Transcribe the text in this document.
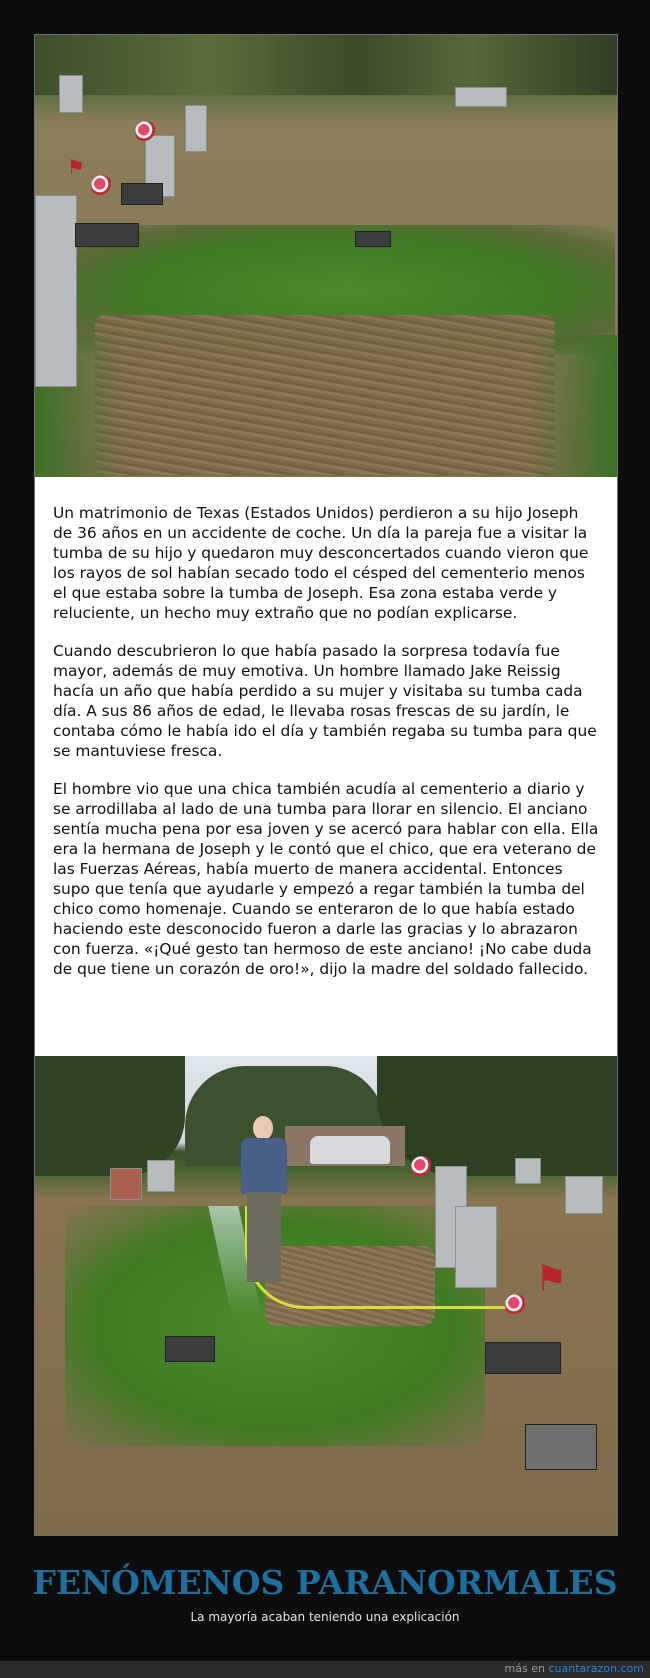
⚑

Un matrimonio de Texas (Estados Unidos) perdieron a su hijo Joseph de 36 años en un accidente de coche. Un día la pareja fue a visitar la tumba de su hijo y quedaron muy desconcertados cuando vieron que los rayos de sol habían secado todo el césped del cementerio menos el que estaba sobre la tumba de Joseph. Esa zona estaba verde y reluciente, un hecho muy extraño que no podían explicarse.

Cuando descubrieron lo que había pasado la sorpresa todavía fue mayor, además de muy emotiva. Un hombre llamado Jake Reissig hacía un año que había perdido a su mujer y visitaba su tumba cada día. A sus 86 años de edad, le llevaba rosas frescas de su jardín, le contaba cómo le había ido el día y también regaba su tumba para que se mantuviese fresca.

El hombre vio que una chica también acudía al cementerio a diario y se arrodillaba al lado de una tumba para llorar en silencio. El anciano sentía mucha pena por esa joven y se acercó para hablar con ella. Ella era la hermana de Joseph y le contó que el chico, que era veterano de las Fuerzas Aéreas, había muerto de manera accidental. Entonces supo que tenía que ayudarle y empezó a regar también la tumba del chico como homenaje. Cuando se enteraron de lo que había estado haciendo este desconocido fueron a darle las gracias y lo abrazaron con fuerza. «¡Qué gesto tan hermoso de este anciano! ¡No cabe duda de que tiene un corazón de oro!», dijo la madre del soldado fallecido.

⚑
FENÓMENOS PARANORMALES

La mayoría acaban teniendo una explicación

más en cuantarazon.com
